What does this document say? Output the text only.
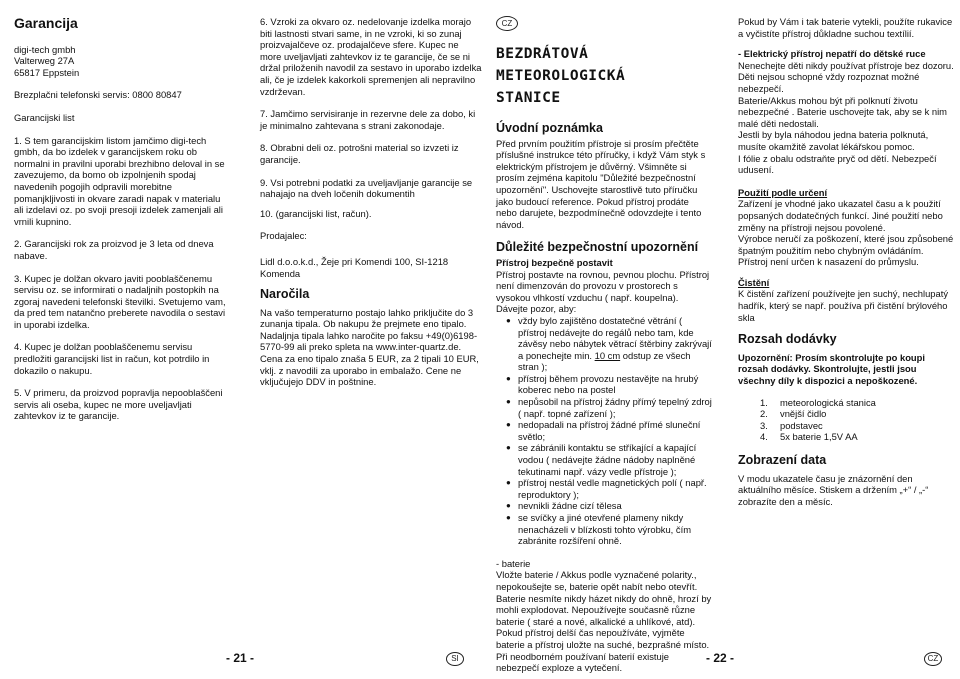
Garancija

digi-tech gmbh

Valterweg 27A

65817 Eppstein

Brezplačni telefonski servis: 0800 80847

Garancijski list

1. S tem garancijskim listom jamčimo digi-tech gmbh, da bo izdelek v garancijskem roku ob normalni in pravilni uporabi brezhibno deloval in se zavezujemo, da bomo ob izpolnjenih spodaj navedenih pogojih odpravili morebitne pomanjkljivosti in okvare zaradi napak v materialu ali izdelavi oz. po svoji presoji izdelek zamenjali ali vrnili kupnino.

2. Garancijski rok za proizvod je 3 leta od dneva nabave.

3. Kupec je dolžan okvaro javiti pooblaščenemu servisu oz. se informirati o nadaljnih postopkih na zgoraj navedeni telefonski številki. Svetujemo vam, da pred tem natančno preberete navodila o sestavi in uporabi izdelka.

4. Kupec je dolžan pooblaščenemu servisu predložiti garancijski list in račun, kot potrdilo in dokazilo o nakupu.

5. V primeru, da proizvod popravlja nepooblaščeni servis ali oseba, kupec ne more uveljavljati zahtevkov iz te garancije.

6. Vzroki za okvaro oz. nedelovanje izdelka morajo biti lastnosti stvari same, in ne vzroki, ki so zunaj proizvajalčeve oz. prodajalčeve sfere. Kupec ne more uveljavljati zahtevkov iz te garancije, če se ni držal priloženih navodil za sestavo in uporabo izdelka ali, če je izdelek kakorkoli spremenjen ali nepravilno vzdrževan.

7. Jamčimo servisiranje in rezervne dele za dobo, ki je minimalno zahtevana s strani zakonodaje.

8. Obrabni deli oz. potrošni material so izvzeti iz garancije.

9. Vsi potrebni podatki za uveljavljanje garancije se nahajajo na dveh ločenih dokumentih

10. (garancijski list, račun).

Prodajalec:

Lidl d.o.o.k.d., Žeje pri Komendi 100, SI-1218 Komenda

Naročila

Na vašo temperaturno postajo lahko priključite do 3 zunanja tipala. Ob nakupu že prejmete eno tipalo.
Nadaljnja tipala lahko naročite po faksu +49(0)6198-5770-99 ali preko spleta na www.inter-quartz.de.
Cena za eno tipalo znaša 5 EUR, za 2 tipali 10 EUR, vklj. z navodili za uporabo in embalažo. Cene ne vključujejo DDV in poštnine.

CZ

BEZDRÁTOVÁ

METEOROLOGICKÁ

STANICE

Úvodní poznámka

Před prvním použitím přístroje si prosím přečtěte příslušné instrukce této příručky, i když Vám styk s elektrickým přístrojem je důvěrný. Všimněte si prosím zejména kapitolu "Důležité bezpečnostní upozornění". Uschovejte starostlivě tuto příručku jako budoucí reference. Pokud přístroj prodáte nebo darujete, bezpodmínečně odovzdejte i tento návod.

Důležité bezpečnostní upozornění

Přístroj bezpečně postavit

Přístroj postavte na rovnou, pevnou plochu. Přístroj není dimenzován do provozu v prostorech s vysokou vlhkostí vzduchu ( např. koupelna). Dávejte pozor, aby:

● vždy bylo zajištěno dostatečné větrání ( přístroj nedávejte do regálů nebo tam, kde závěsy nebo nábytek větrací štěrbiny zakrývají a ponechejte min. 10 cm odstup ze všech stran );
● přístroj během provozu nestavějte na hrubý koberec nebo na postel
● nepůsobil na přístroj žádny přímý tepelný zdroj ( např. topné zařízení );
● nedopadali na přístroj žádné přímé sluneční světlo;
● se zábránili kontaktu se stříkající a kapající vodou ( nedávejte žádne nádoby naplněné tekutinami např. vázy vedle přístroje );
● přístroj nestál vedle magnetických polí ( např. reproduktory );
● nevnikli žádne cizí tělesa
● se svíčky a jiné otevřené plameny nikdy nenacházeli v blízkosti tohto výrobku, čím zabránite rozšíření ohně.

- baterie

Vložte baterie / Akkus podle vyznačené polarity., nepokoušejte se, baterie opět nabít nebo otevřít. Baterie nesmíte nikdy házet nikdy do ohně, hrozí by mohli explodovat. Nepoužívejte současně různe baterie ( staré a nové, alkalické a uhlíkové, atd). Pokud přístroj delší čas nepoužíváte, vyjměte baterie a přístroj uložte na suché, bezprašné místo. Při neodborném používaní baterií existuje nebezpečí exploze a vytečení.

Pokud by Vám i tak baterie vytekli, použíte rukavice a vyčistíte přístroj důkladne suchou textílií.

- Elektrický přístroj nepatří do dětské ruce

Nenechejte děti nikdy používat přístroje bez dozoru. Děti nejsou schopné vždy rozpoznat možné nebezpečí.
Baterie/Akkus mohou být při polknutí životu nebezpečné . Baterie uschovejte tak, aby se k nim malé děti nedostali.
Jestli by byla náhodou jedna bateria polknutá, musíte okamžitě zavolat lékářskou pomoc.
I fólie z obalu odstraňte pryč od dětí. Nebezpečí udusení.

Použití podle určení

Zařízení je vhodné jako ukazatel času a k použití popsaných dodatečných funkcí. Jiné použití nebo změny na přístroji nejsou povolené.
Výrobce neručí za poškození, které jsou způsobené špatným použitím nebo chybným ovládáním.
Přístroj není určen k nasazení do průmyslu.

Čistění

K čistění zařízení používejte jen suchý, nechlupatý hadřík, který se např. používa při čistění brýlového skla

Rozsah dodávky

Upozornění: Prosím skontrolujte po koupi rozsah dodávky. Skontrolujte, jestli jsou všechny díly k dispozici a nepoškozené.

1. meteorologická stanica
2. vnější čidlo
3. podstavec
4. 5x baterie 1,5V AA

Zobrazení data

V modu ukazatele času je znázornění den aktuálního měsíce. Stiskem a držením „+“ / „-“ zobrazíte den a měsíc.

- 21 -	SI	- 22 -	CZ
